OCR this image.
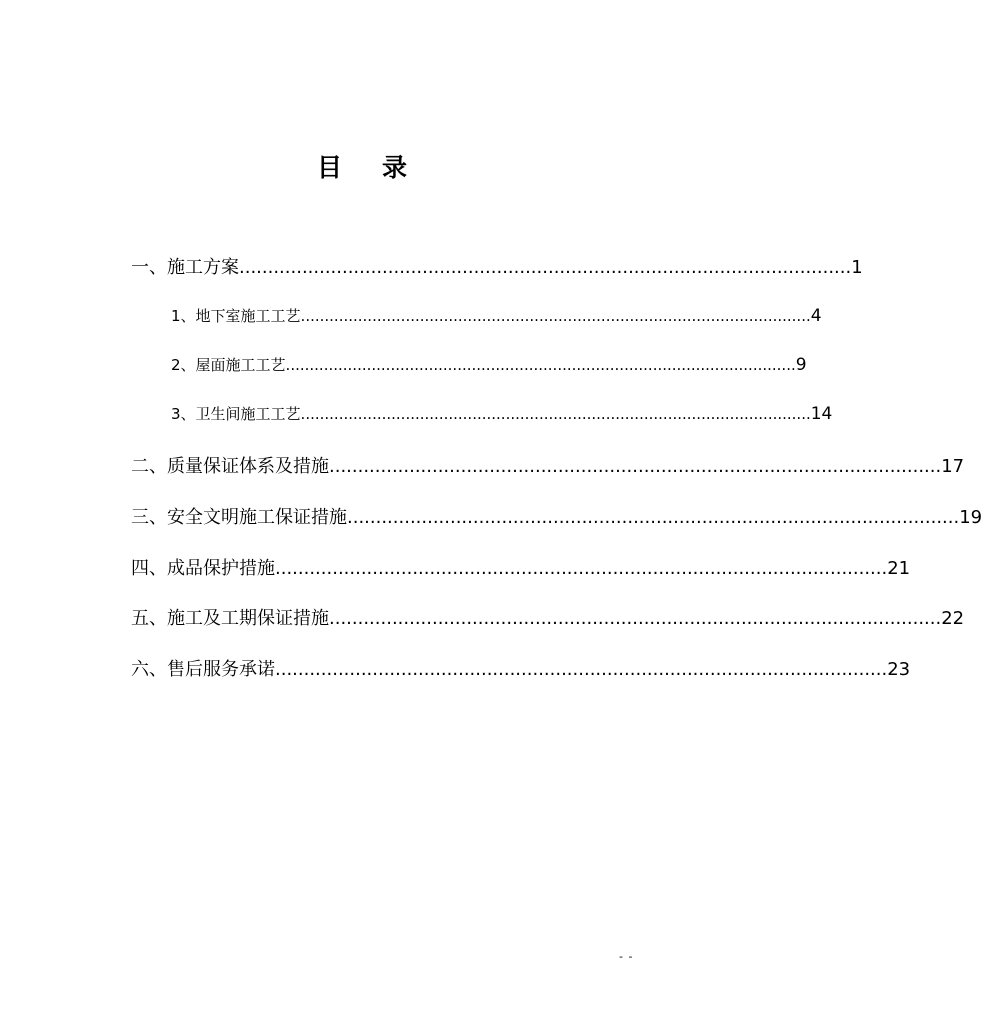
目 录
一、施工方案 ........................................................................................................... 1
1、地下室施工工艺 ........................................................................................................... 4
2、屋面施工工艺 ........................................................................................................... 9
3、卫生间施工工艺 ........................................................................................................... 14
二、质量保证体系及措施 ........................................................................................................... 17
三、安全文明施工保证措施 ........................................................................................................... 19
四、成品保护措施 ........................................................................................................... 21
五、施工及工期保证措施 ........................................................................................................... 22
六、售后服务承诺 ........................................................................................................... 23
- -
